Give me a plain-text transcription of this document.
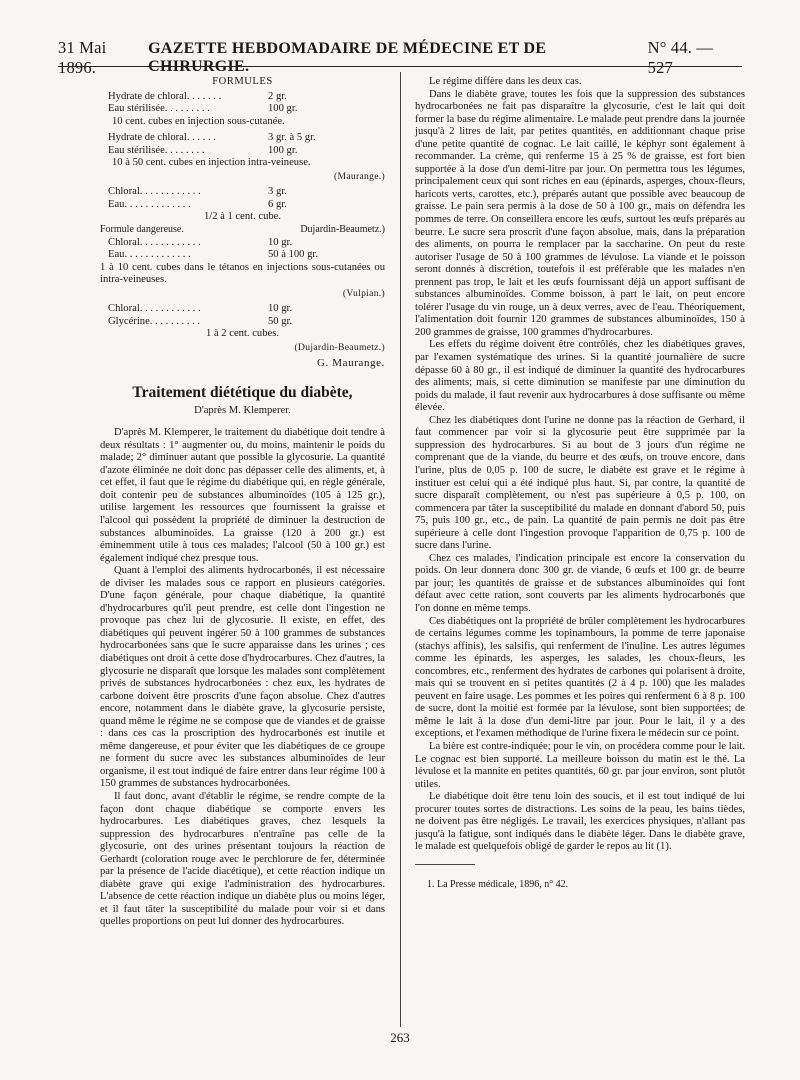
31 Mai 1896.
GAZETTE HEBDOMADAIRE DE MÉDECINE ET DE CHIRURGIE.
N° 44. — 527

FORMULES

Hydrate de chloral. . . . . . .	2 gr.
Eau stérilisée. . . . . . . . .	100 gr.

10 cent. cubes en injection sous-cutanée.

Hydrate de chloral. . . . . .	3 gr. à 5 gr.
Eau stérilisée. . . . . . . .	100 gr.

10 à 50 cent. cubes en injection intra-veineuse.

(Maurange.)

Chloral. . . . . . . . . . . .	3 gr.
Eau. . . . . . . . . . . . .	6 gr.

1/2 à 1 cent. cube.

Formule dangereuse.	Dujardin-Beaumetz.)
Chloral. . . . . . . . . . . .	10 gr.
Eau. . . . . . . . . . . . .	50 à 100 gr.

1 à 10 cent. cubes dans le tétanos en injections sous-cutanées ou intra-veineuses.

(Vulpian.)

Chloral. . . . . . . . . . . .	10 gr.
Glycérine. . . . . . . . . .	50 gr.

1 à 2 cent. cubes.

(Dujardin-Beaumetz.)

G. Maurange.

Traitement diététique du diabète,

D'après M. Klemperer.

D'après M. Klemperer, le traitement du diabétique doit tendre à deux résultats : 1° augmenter ou, du moins, maintenir le poids du malade; 2° diminuer autant que possible la glycosurie. La quantité d'azote éliminée ne doit donc pas dépasser celle des aliments, et, à cet effet, il faut que le régime du diabétique qui, en règle générale, doit contenir peu de substances albuminoïdes (105 à 125 gr.), utilise largement les ressources que fournissent la graisse et l'alcool qui possèdent la propriété de diminuer la destruction de substances albuminoïdes. La graisse (120 à 200 gr.) est éminemment utile à tous ces malades; l'alcool (50 à 100 gr.) est également indiqué chez presque tous.

Quant à l'emploi des aliments hydrocarbonés, il est nécessaire de diviser les malades sous ce rapport en plusieurs catégories. D'une façon générale, pour chaque diabétique, la quantité d'hydrocarbures qu'il peut prendre, est celle dont l'ingestion ne provoque pas chez lui de glycosurie. Il existe, en effet, des diabétiques qui peuvent ingérer 50 à 100 grammes de substances hydrocarbonées sans que le sucre apparaisse dans les urines ; ces diabétiques ont droit à cette dose d'hydrocarbures. Chez d'autres, la glycosurie ne disparaît que lorsque les malades sont complètement privés de substances hydrocarbonées : chez eux, les hydrates de carbone doivent être proscrits d'une façon absolue. Chez d'autres encore, notamment dans le diabète grave, la glycosurie persiste, quand même le régime ne se compose que de viandes et de graisse : dans ces cas la proscription des hydrocarbonés est inutile et même dangereuse, et pour éviter que les diabétiques de ce groupe ne forment du sucre avec les substances albuminoïdes de leur organisme, il est tout indiqué de faire entrer dans leur régime 100 à 150 grammes de substances hydrocarbonées.

Il faut donc, avant d'établir le régime, se rendre compte de la façon dont chaque diabétique se comporte envers les hydrocarbures. Les diabétiques graves, chez lesquels la suppression des hydrocarbures n'entraîne pas celle de la glycosurie, ont des urines présentant toujours la réaction de Gerhardt (coloration rouge avec le perchlorure de fer, déterminée par la présence de l'acide diacétique), et cette réaction indique un diabète grave qui exige l'administration des hydrocarbures. L'absence de cette réaction indique un diabète plus ou moins léger, et il faut tâter la susceptibilité du malade pour voir si et dans quelles proportions on peut lui donner des hydrocarbures.

Le régime diffère dans les deux cas.

Dans le diabète grave, toutes les fois que la suppression des substances hydrocarbonées ne fait pas disparaître la glycosurie, c'est le lait qui doit former la base du régime alimentaire. Le malade peut prendre dans la journée jusqu'à 2 litres de lait, par petites quantités, en additionnant chaque prise d'une petite quantité de cognac. Le lait caillé, le képhyr sont également à recommander. La crème, qui renferme 15 à 25 % de graisse, est fort bien supportée à la dose d'un demi-litre par jour. On permettra tous les légumes, principalement ceux qui sont riches en eau (épinards, asperges, choux-fleurs, haricots verts, carottes, etc.), préparés autant que possible avec beaucoup de graisse. Le pain sera permis à la dose de 50 à 100 gr., mais on défendra les pommes de terre. On conseillera encore les œufs, surtout les œufs préparés au beurre. Le sucre sera proscrit d'une façon absolue, mais, dans la préparation des aliments, on pourra le remplacer par la saccharine. On peut du reste autoriser l'usage de 50 à 100 grammes de lévulose. La viande et le poisson seront donnés à discrétion, toutefois il est préférable que les malades n'en prennent pas trop, le lait et les œufs fournissant déjà un apport suffisant de substances albuminoïdes. Comme boisson, à part le lait, on peut encore tolérer l'usage du vin rouge, un à deux verres, avec de l'eau. Théoriquement, l'alimentation doit fournir 120 grammes de substances albuminoïdes, 150 à 200 grammes de graisse, 100 grammes d'hydrocarbures.

Les effets du régime doivent être contrôlés, chez les diabétiques graves, par l'examen systématique des urines. Si la quantité journalière de sucre dépasse 60 à 80 gr., il est indiqué de diminuer la quantité des hydrocarbures des aliments; mais, si cette diminution se manifeste par une diminution du poids du malade, il faut revenir aux hydrocarbures à dose suffisante ou même élevée.

Chez les diabétiques dont l'urine ne donne pas la réaction de Gerhard, il faut commencer par voir si la glycosurie peut être supprimée par la suppression des hydrocarbures. Si au bout de 3 jours d'un régime ne comprenant que de la viande, du beurre et des œufs, on trouve encore, dans l'urine, plus de 0,05 p. 100 de sucre, le diabète est grave et le régime à instituer est celui qui a été indiqué plus haut. Si, par contre, la quantité de sucre disparaît complètement, ou n'est pas supérieure à 0,5 p. 100, on commencera par tâter la susceptibilité du malade en donnant d'abord 50, puis 75, puis 100 gr., etc., de pain. La quantité de pain permis ne doit pas être supérieure à celle dont l'ingestion provoque l'apparition de 0,75 p. 100 de sucre dans l'urine.

Chez ces malades, l'indication principale est encore la conservation du poids. On leur donnera donc 300 gr. de viande, 6 œufs et 100 gr. de beurre par jour; les quantités de graisse et de substances albuminoïdes qui font défaut avec cette ration, sont couverts par les aliments hydrocarbonés que l'on donne en même temps.

Ces diabétiques ont la propriété de brûler complètement les hydrocarbures de certains légumes comme les topinambours, la pomme de terre japonaise (stachys affinis), les salsifis, qui renferment de l'inuline. Les autres légumes comme les épinards, les asperges, les salades, les choux-fleurs, les concombres, etc., renferment des hydrates de carbones qui polarisent à droite, mais qui se trouvent en si petites quantités (2 à 4 p. 100) que les malades peuvent en faire usage. Les pommes et les poires qui renferment 6 à 8 p. 100 de sucre, dont la moitié est formée par la lévulose, sont bien supportées; de même le lait à la dose d'un demi-litre par jour. Pour le lait, il y a des exceptions, et l'examen méthodique de l'urine fixera le médecin sur ce point.

La bière est contre-indiquée; pour le vin, on procédera comme pour le lait. Le cognac est bien supporté. La meilleure boisson du matin est le thé. La lévulose et la mannite en petites quantités, 60 gr. par jour environ, sont plutôt utiles.

Le diabétique doit être tenu loin des soucis, et il est tout indiqué de lui procurer toutes sortes de distractions. Les soins de la peau, les bains tièdes, ne doivent pas être négligés. Le travail, les exercices physiques, n'allant pas jusqu'à la fatigue, sont indiqués dans le diabète léger. Dans le diabète grave, le malade est quelquefois obligé de garder le repos au lit (1).

1. La Presse médicale, 1896, n° 42.

263
